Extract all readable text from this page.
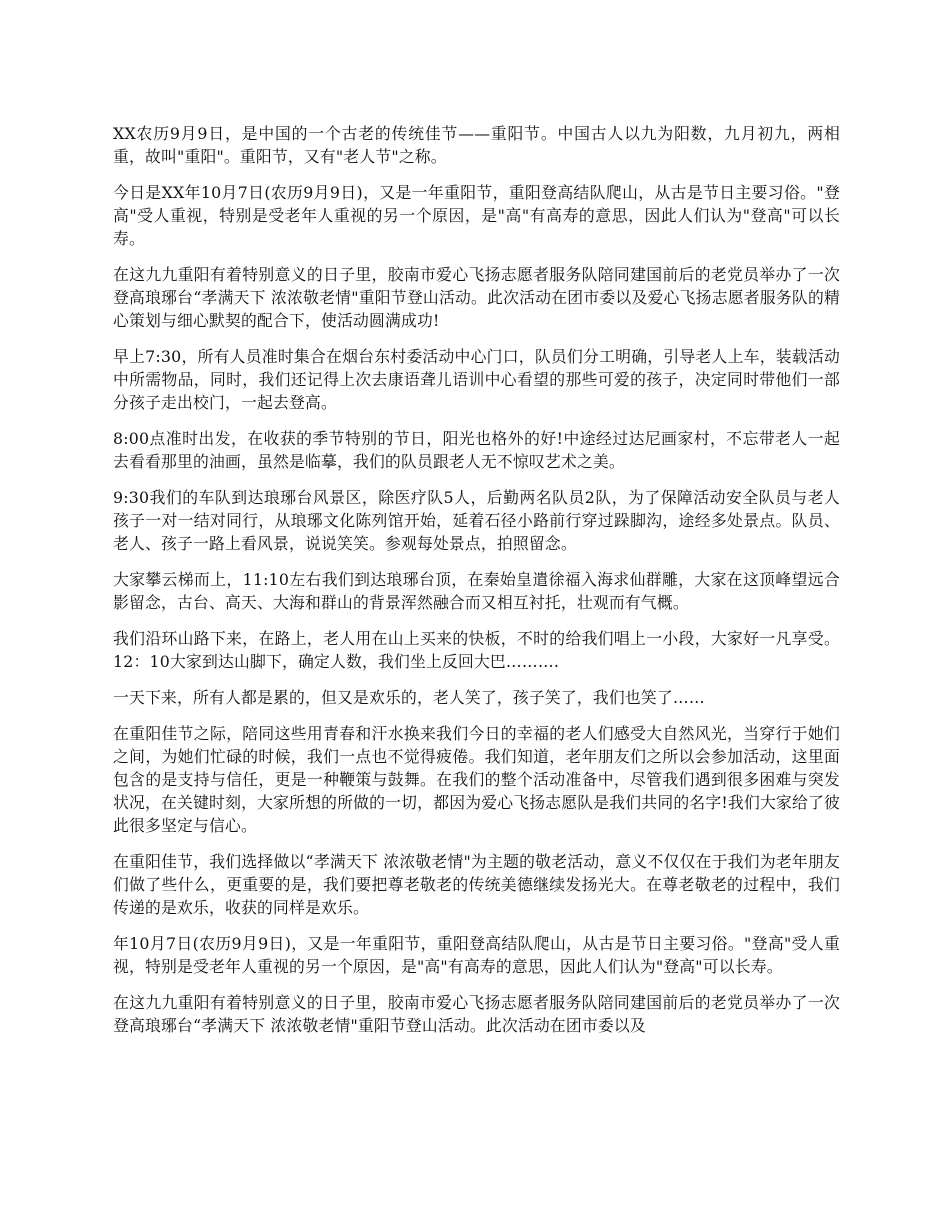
XX农历9月9日，是中国的一个古老的传统佳节——重阳节。中国古人以九为阳数，九月初九，两相重，故叫"重阳"。重阳节，又有"老人节"之称。

今日是XX年10月7日(农历9月9日)，又是一年重阳节，重阳登高结队爬山，从古是节日主要习俗。"登高"受人重视，特别是受老年人重视的另一个原因，是"高"有高寿的意思，因此人们认为"登高"可以长寿。

在这九九重阳有着特别意义的日子里，胶南市爱心飞扬志愿者服务队陪同建国前后的老党员举办了一次登高琅琊台“孝满天下 浓浓敬老情"重阳节登山活动。此次活动在团市委以及爱心飞扬志愿者服务队的精心策划与细心默契的配合下，使活动圆满成功!

早上7:30，所有人员准时集合在烟台东村委活动中心门口，队员们分工明确，引导老人上车，装载活动中所需物品，同时，我们还记得上次去康语聋儿语训中心看望的那些可爱的孩子，决定同时带他们一部分孩子走出校门，一起去登高。

8:00点准时出发，在收获的季节特别的节日，阳光也格外的好!中途经过达尼画家村，不忘带老人一起去看看那里的油画，虽然是临摹，我们的队员跟老人无不惊叹艺术之美。

9:30我们的车队到达琅琊台风景区，除医疗队5人，后勤两名队员2队，为了保障活动安全队员与老人孩子一对一结对同行，从琅琊文化陈列馆开始，延着石径小路前行穿过跺脚沟，途经多处景点。队员、老人、孩子一路上看风景，说说笑笑。参观每处景点，拍照留念。

大家攀云梯而上，11:10左右我们到达琅琊台顶，在秦始皇遣徐福入海求仙群雕，大家在这顶峰望远合影留念，古台、高天、大海和群山的背景浑然融合而又相互衬托，壮观而有气概。

我们沿环山路下来，在路上，老人用在山上买来的快板，不时的给我们唱上一小段，大家好一凡享受。12：10大家到达山脚下，确定人数，我们坐上反回大巴……….

一天下来，所有人都是累的，但又是欢乐的，老人笑了，孩子笑了，我们也笑了……

在重阳佳节之际，陪同这些用青春和汗水换来我们今日的幸福的老人们感受大自然风光，当穿行于她们之间，为她们忙碌的时候，我们一点也不觉得疲倦。我们知道，老年朋友们之所以会参加活动，这里面包含的是支持与信任，更是一种鞭策与鼓舞。在我们的整个活动准备中，尽管我们遇到很多困难与突发状况，在关键时刻，大家所想的所做的一切，都因为爱心飞扬志愿队是我们共同的名字!我们大家给了彼此很多坚定与信心。

在重阳佳节，我们选择做以“孝满天下 浓浓敬老情"为主题的敬老活动，意义不仅仅在于我们为老年朋友们做了些什么，更重要的是，我们要把尊老敬老的传统美德继续发扬光大。在尊老敬老的过程中，我们传递的是欢乐，收获的同样是欢乐。

年10月7日(农历9月9日)，又是一年重阳节，重阳登高结队爬山，从古是节日主要习俗。"登高"受人重视，特别是受老年人重视的另一个原因，是"高"有高寿的意思，因此人们认为"登高"可以长寿。

在这九九重阳有着特别意义的日子里，胶南市爱心飞扬志愿者服务队陪同建国前后的老党员举办了一次登高琅琊台“孝满天下 浓浓敬老情"重阳节登山活动。此次活动在团市委以及
